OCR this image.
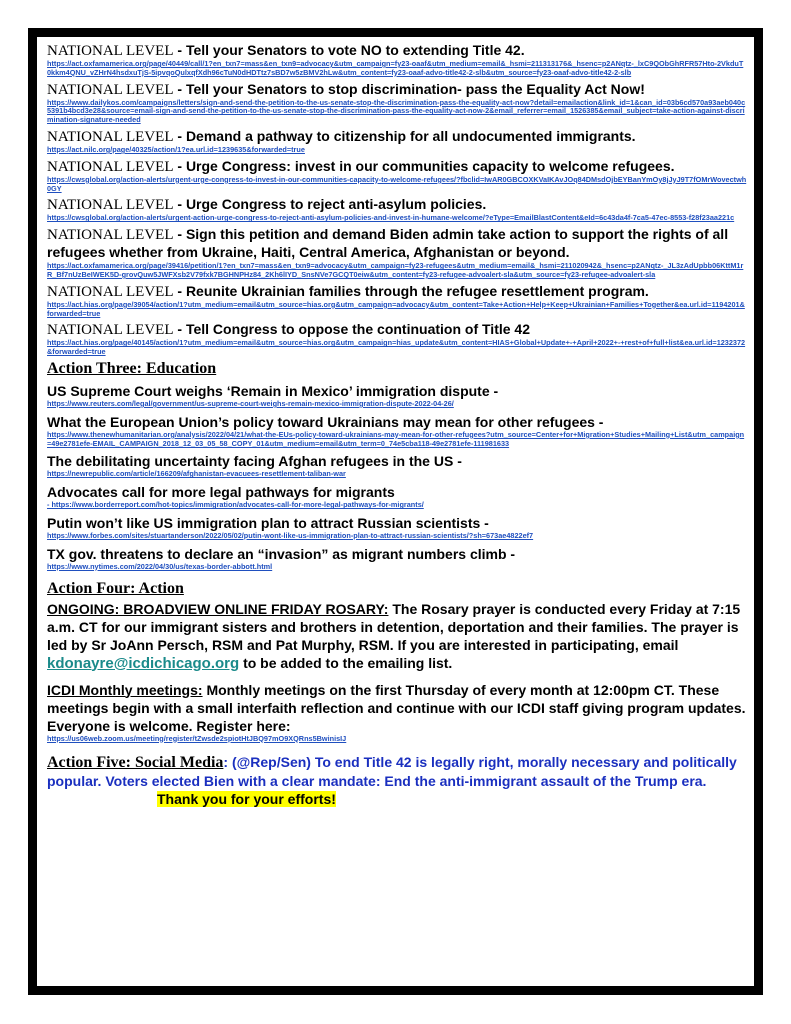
NATIONAL LEVEL - Tell your Senators to vote NO to extending Title 42.
https://act.oxfamamerica.org/page/40449/call/1?en_txn7=mass&en_txn9=advocacy&utm_campaign=fy23-oaaf&utm_medium=email&_hsmi=211313176&_hsenc=p2ANqtz-_lxC9QObGhRFR57Hto-2VkduT0kkm4QNU_vZHrN4hsdxuTjS-5ipvqoQulxqfXdh96cTuN0dHDTtz7sBD7w5zBMV2hLw&utm_content=fy23-oaaf-advo-title42-2-slb&utm_source=fy23-oaaf-advo-title42-2-slb
NATIONAL LEVEL - Tell your Senators to stop discrimination- pass the Equality Act Now!
https://www.dailykos.com/campaigns/letters/sign-and-send-the-petition-to-the-us-senate-stop-the-discrimination-pass-the-equality-act-now?detail=emailaction&link_id=1&can_id=03b6cd570a93aeb040c5391b4bcd3e28&source=email-sign-and-send-the-petition-to-the-us-senate-stop-the-discrimination-pass-the-equality-act-now-2&email_referrer=email_1526385&email_subject=take-action-against-discrimination-signature-needed
NATIONAL LEVEL - Demand a pathway to citizenship for all undocumented immigrants.
https://act.nilc.org/page/40325/action/1?ea.url.id=1239635&forwarded=true
NATIONAL LEVEL - Urge Congress: invest in our communities capacity to welcome refugees.
https://cwsglobal.org/action-alerts/urgent-urge-congress-to-invest-in-our-communities-capacity-to-welcome-refugees/?fbclid=IwAR0GBCOXKVaIKAvJOq84DMsdOjbEYBanYmOy8jJyJ9T7fOMrWovectwh0GY
NATIONAL LEVEL - Urge Congress to reject anti-asylum policies.
https://cwsglobal.org/action-alerts/urgent-action-urge-congress-to-reject-anti-asylum-policies-and-invest-in-humane-welcome/?eType=EmailBlastContent&eId=6c43da4f-7ca5-47ec-8553-f28f23aa221c
NATIONAL LEVEL - Sign this petition and demand Biden admin take action to support the rights of all refugees whether from Ukraine, Haiti, Central America, Afghanistan or beyond.
https://act.oxfamamerica.org/page/39416/petition/1?en_txn7=mass&en_txn9=advocacy&utm_campaign=fy23-refugees&utm_medium=email&_hsmi=211020942&_hsenc=p2ANqtz-_JL3zAdUpbb06KttM1rR_Bf7nUzBeIWEK5D-grovQuw5JWFXsb2V79fxk7BGHNPHz84_2Kh6lIYD_SnsNVe7GCQT0eiw&utm_content=fy23-refugee-advoalert-sla&utm_source=fy23-refugee-advoalert-sla
NATIONAL LEVEL - Reunite Ukrainian families through the refugee resettlement program.
https://act.hias.org/page/39054/action/1?utm_medium=email&utm_source=hias.org&utm_campaign=advocacy&utm_content=Take+Action+Help+Keep+Ukrainian+Families+Together&ea.url.id=1194201&forwarded=true
NATIONAL LEVEL - Tell Congress to oppose the continuation of Title 42
https://act.hias.org/page/40145/action/1?utm_medium=email&utm_source=hias.org&utm_campaign=hias_update&utm_content=HIAS+Global+Update+-+April+2022+-+rest+of+full+list&ea.url.id=1232372&forwarded=true
Action Three: Education
US Supreme Court weighs ‘Remain in Mexico’ immigration dispute -
https://www.reuters.com/legal/government/us-supreme-court-weighs-remain-mexico-immigration-dispute-2022-04-26/
What the European Union’s policy toward Ukrainians may mean for other refugees -
https://www.thenewhumanitarian.org/analysis/2022/04/21/what-the-EUs-policy-toward-ukrainians-may-mean-for-other-refugees?utm_source=Center+for+Migration+Studies+Mailing+List&utm_campaign=49e2781efe-EMAIL_CAMPAIGN_2018_12_03_05_58_COPY_01&utm_medium=email&utm_term=0_74e5cba118-49e2781efe-111981633
The debilitating uncertainty facing Afghan refugees in the US -
https://newrepublic.com/article/166209/afghanistan-evacuees-resettlement-taliban-war
Advocates call for more legal pathways for migrants
- https://www.borderreport.com/hot-topics/immigration/advocates-call-for-more-legal-pathways-for-migrants/
Putin won’t like US immigration plan to attract Russian scientists -
https://www.forbes.com/sites/stuartanderson/2022/05/02/putin-wont-like-us-immigration-plan-to-attract-russian-scientists/?sh=673ae4822ef7
TX gov. threatens to declare an “invasion” as migrant numbers climb -
https://www.nytimes.com/2022/04/30/us/texas-border-abbott.html
Action Four: Action
ONGOING: BROADVIEW ONLINE FRIDAY ROSARY: The Rosary prayer is conducted every Friday at 7:15 a.m. CT for our immigrant sisters and brothers in detention, deportation and their families. The prayer is led by Sr JoAnn Persch, RSM and Pat Murphy, RSM. If you are interested in participating, email kdonayre@icdichicago.org to be added to the emailing list.
ICDI Monthly meetings: Monthly meetings on the first Thursday of every month at 12:00pm CT. These meetings begin with a small interfaith reflection and continue with our ICDI staff giving program updates. Everyone is welcome. Register here:
https://us06web.zoom.us/meeting/register/tZwsde2spiotHtJBQ97mO9XQRns5BwinisIJ
Action Five: Social Media: (@Rep/Sen) To end Title 42 is legally right, morally necessary and politically popular. Voters elected Bien with a clear mandate: End the anti-immigrant assault of the Trump era. Thank you for your efforts!
